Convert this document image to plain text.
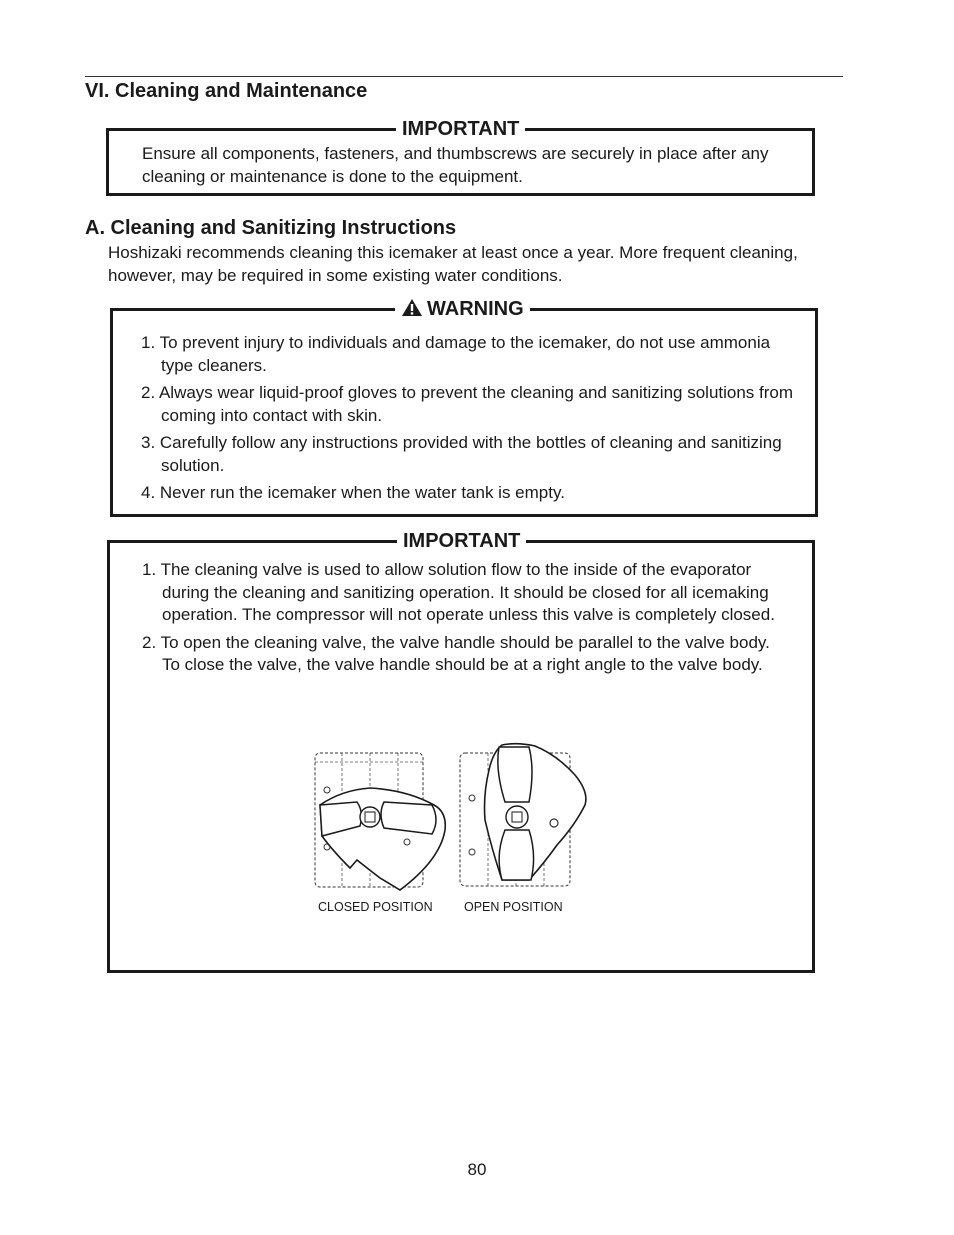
VI. Cleaning and Maintenance
IMPORTANT
Ensure all components, fasteners, and thumbscrews are securely in place after any cleaning or maintenance is done to the equipment.
A. Cleaning and Sanitizing Instructions
Hoshizaki recommends cleaning this icemaker at least once a year. More frequent cleaning, however, may be required in some existing water conditions.
WARNING
1. To prevent injury to individuals and damage to the icemaker, do not use ammonia type cleaners.
2. Always wear liquid-proof gloves to prevent the cleaning and sanitizing solutions from coming into contact with skin.
3. Carefully follow any instructions provided with the bottles of cleaning and sanitizing solution.
4. Never run the icemaker when the water tank is empty.
IMPORTANT
1. The cleaning valve is used to allow solution flow to the inside of the evaporator during the cleaning and sanitizing operation. It should be closed for all icemaking operation. The compressor will not operate unless this valve is completely closed.
2. To open the cleaning valve, the valve handle should be parallel to the valve body. To close the valve, the valve handle should be at a right angle to the valve body.
CLOSED POSITION	OPEN POSITION
80
